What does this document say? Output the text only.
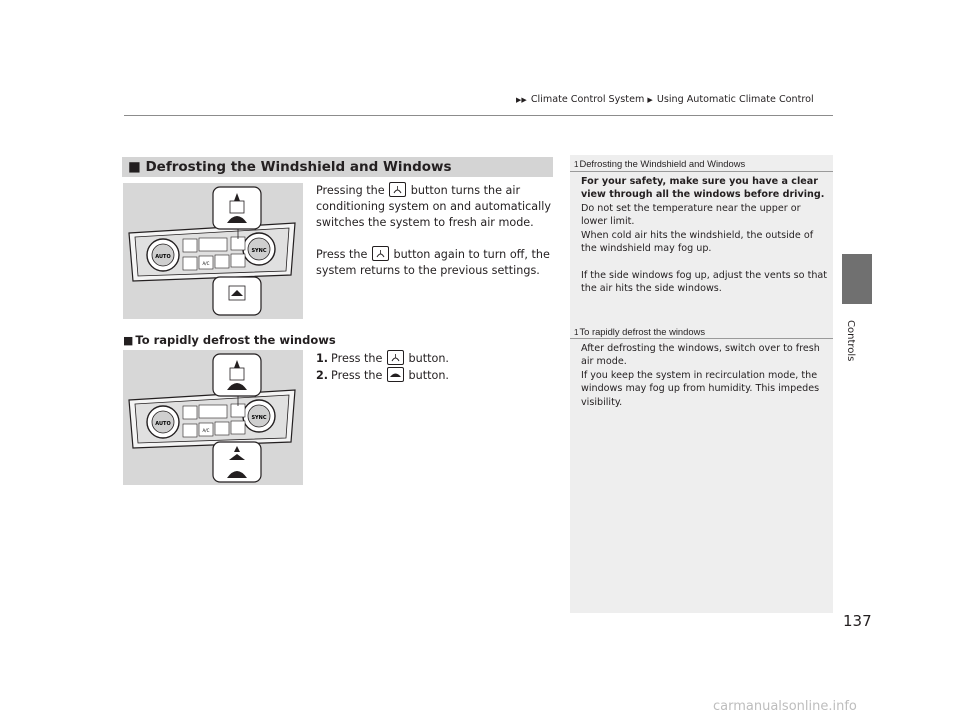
▶▶ Climate Control System ▶ Using Automatic Climate Control
Controls
■ Defrosting the Windshield and Windows
AUTO
SYNC
A/C
Pressing the button turns the air conditioning system on and automatically switches the system to fresh air mode.
Press the button again to turn off, the system returns to the previous settings.
■ To rapidly defrost the windows
AUTO
SYNC
A/C
1. Press the button.
2. Press the button.
1Defrosting the Windshield and Windows

For your safety, make sure you have a clear view through all the windows before driving.

Do not set the temperature near the upper or lower limit.

When cold air hits the windshield, the outside of the windshield may fog up.

If the side windows fog up, adjust the vents so that the air hits the side windows.

1To rapidly defrost the windows

After defrosting the windows, switch over to fresh air mode.

If you keep the system in recirculation mode, the windows may fog up from humidity. This impedes visibility.

137
carmanualsonline.info
